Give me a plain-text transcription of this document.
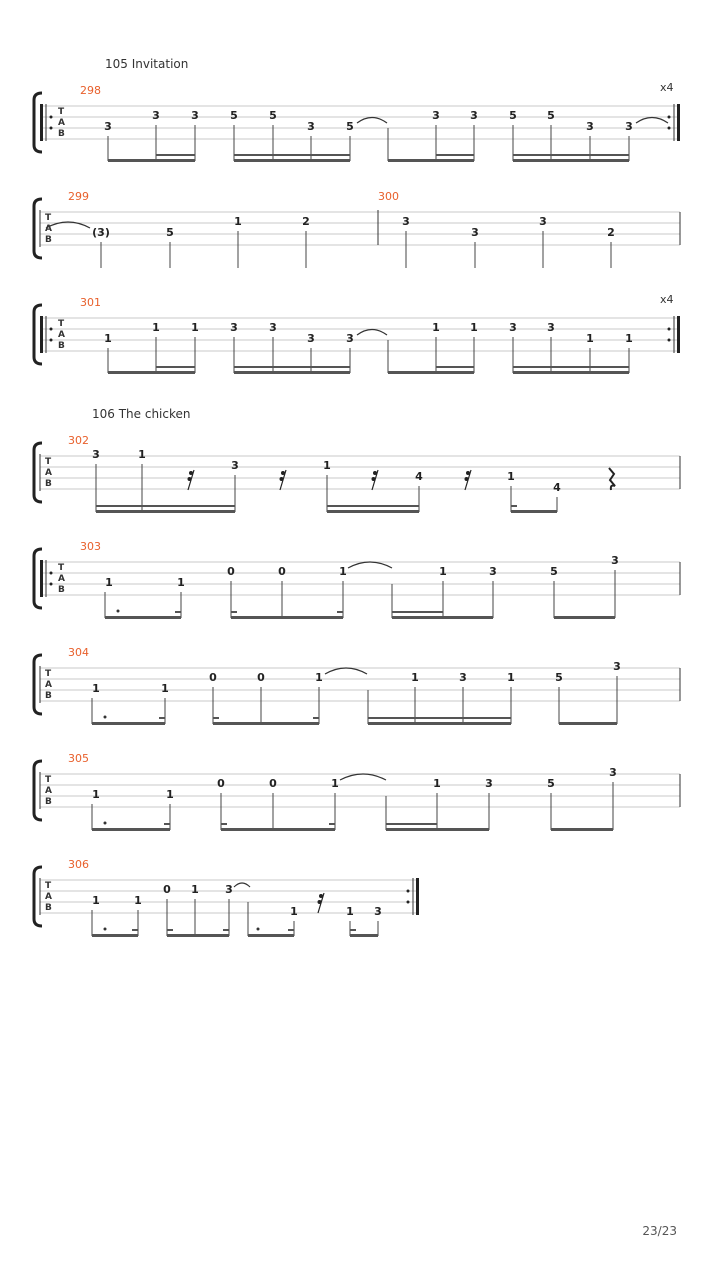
105 Invitation
106 The chicken
T
A
B
298	x4
3
3	3	5	5
3	5
3	3	5	5
3	3
T
A
B
299	300
(3)	5
1	2	3
3
3
2
T
A
B
301	x4
1
1	1	3	3
3	3
1	1	3	3
1	1
T
A
B
302
3	1
3	1
4	1
4
T
A
B
303
1	1
0	0	1	1	3	5
3
T
A
B
304
1	1
0	0	1	1	3	1	5
3
T
A
B
305
1	1
0	0	1	1	3	5
3
T
A
B
306
1	1
0 1 3
1	1 3
23/23
